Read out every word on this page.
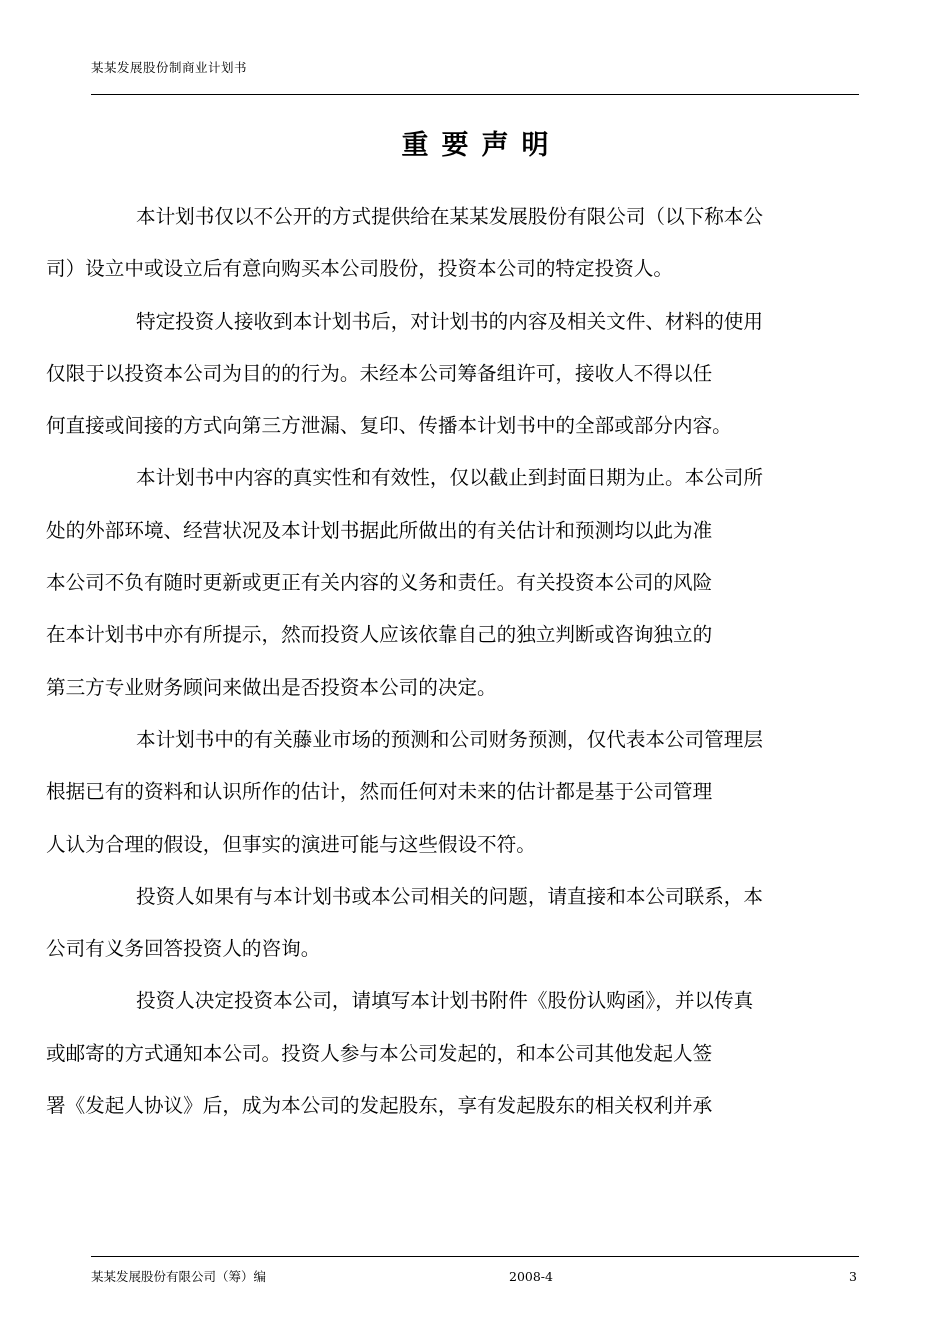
某某发展股份制商业计划书
重要声明

本计划书仅以不公开的方式提供给在某某发展股份有限公司（以下称本公
司）设立中或设立后有意向购买本公司股份，投资本公司的特定投资人。

特定投资人接收到本计划书后，对计划书的内容及相关文件、材料的使用
仅限于以投资本公司为目的的行为。未经本公司筹备组许可，接收人不得以任
何直接或间接的方式向第三方泄漏、复印、传播本计划书中的全部或部分内容。

本计划书中内容的真实性和有效性，仅以截止到封面日期为止。本公司所
处的外部环境、经营状况及本计划书据此所做出的有关估计和预测均以此为准
本公司不负有随时更新或更正有关内容的义务和责任。有关投资本公司的风险
在本计划书中亦有所提示，然而投资人应该依靠自己的独立判断或咨询独立的
第三方专业财务顾问来做出是否投资本公司的决定。

本计划书中的有关藤业市场的预测和公司财务预测，仅代表本公司管理层
根据已有的资料和认识所作的估计，然而任何对未来的估计都是基于公司管理
人认为合理的假设，但事实的演进可能与这些假设不符。

投资人如果有与本计划书或本公司相关的问题，请直接和本公司联系，本
公司有义务回答投资人的咨询。

投资人决定投资本公司，请填写本计划书附件《股份认购函》，并以传真
或邮寄的方式通知本公司。投资人参与本公司发起的，和本公司其他发起人签
署《发起人协议》后，成为本公司的发起股东，享有发起股东的相关权利并承

某某发展股份有限公司（筹）编	2008-4	3
